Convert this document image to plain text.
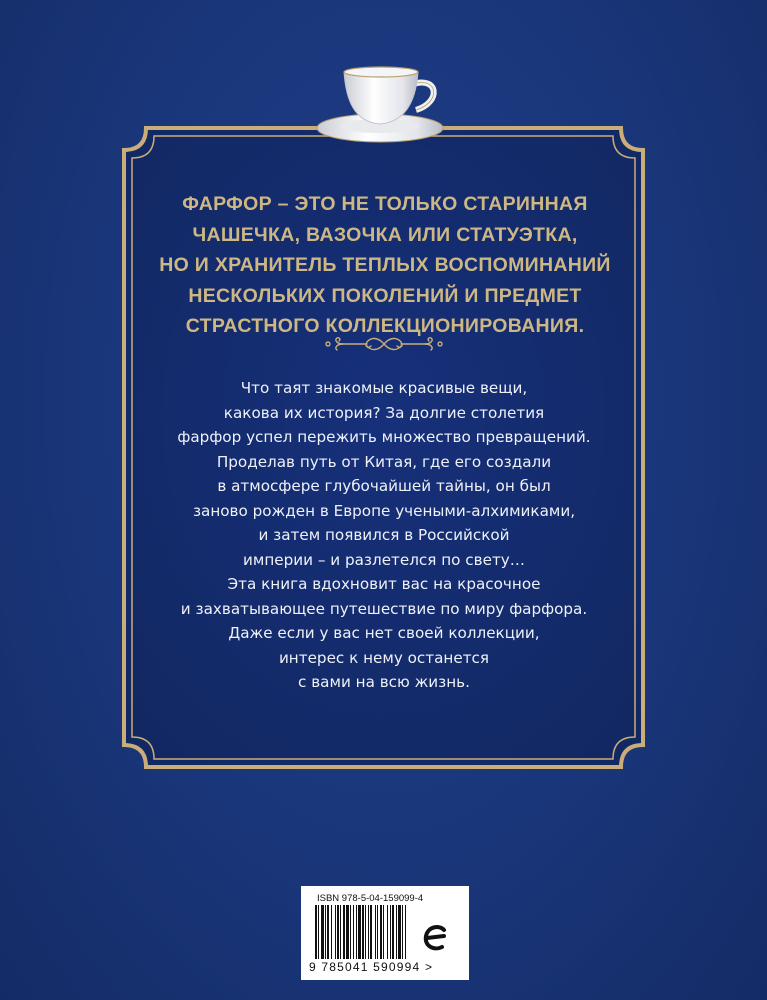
ФАРФОР – ЭТО НЕ ТОЛЬКО СТАРИННАЯ
ЧАШЕЧКА, ВАЗОЧКА ИЛИ СТАТУЭТКА,
НО И ХРАНИТЕЛЬ ТЕПЛЫХ ВОСПОМИНАНИЙ
НЕСКОЛЬКИХ ПОКОЛЕНИЙ И ПРЕДМЕТ
СТРАСТНОГО КОЛЛЕКЦИОНИРОВАНИЯ.
Что таят знакомые красивые вещи,
какова их история? За долгие столетия
фарфор успел пережить множество превращений.
Проделав путь от Китая, где его создали
в атмосфере глубочайшей тайны, он был
заново рожден в Европе учеными-алхимиками,
и затем появился в Российской
империи – и разлетелся по свету…
Эта книга вдохновит вас на красочное
и захватывающее путешествие по миру фарфора.
Даже если у вас нет своей коллекции,
интерес к нему останется
с вами на всю жизнь.
ISBN 978-5-04-159099-4
9 785041 590994 >
